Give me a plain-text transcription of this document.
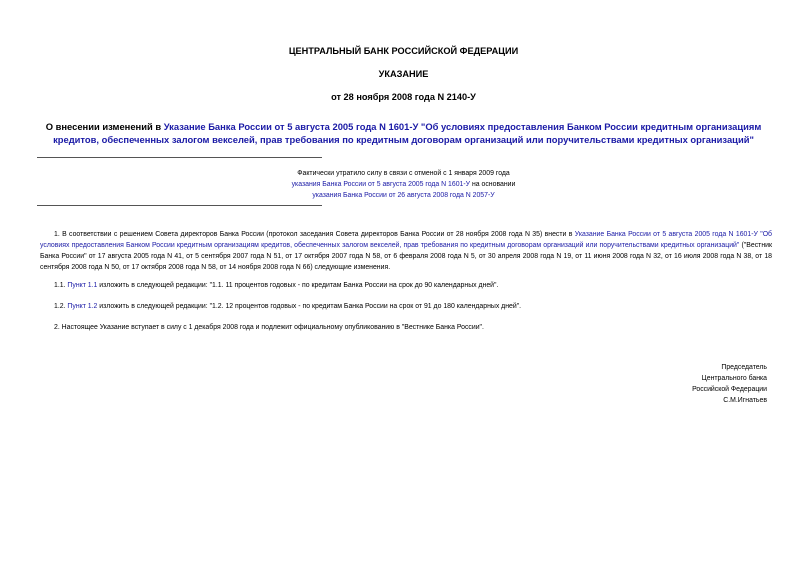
ЦЕНТРАЛЬНЫЙ БАНК РОССИЙСКОЙ ФЕДЕРАЦИИ
УКАЗАНИЕ
от 28 ноября 2008 года N 2140-У
О внесении изменений в Указание Банка России от 5 августа 2005 года N 1601-У "Об условиях предоставления Банком России кредитным организациям кредитов, обеспеченных залогом векселей, прав требования по кредитным договорам организаций или поручительствами кредитных организаций"
Фактически утратило силу в связи с отменой с 1 января 2009 года
указания Банка России от 5 августа 2005 года N 1601-У на основании
указания Банка России от 26 августа 2008 года N 2057-У
1. В соответствии с решением Совета директоров Банка России (протокол заседания Совета директоров Банка России от 28 ноября 2008 года N 35) внести в Указание Банка России от 5 августа 2005 года N 1601-У "Об условиях предоставления Банком России кредитным организациям кредитов, обеспеченных залогом векселей, прав требования по кредитным договорам организаций или поручительствами кредитных организаций" ("Вестник Банка России" от 17 августа 2005 года N 41, от 5 сентября 2007 года N 51, от 17 октября 2007 года N 58, от 6 февраля 2008 года N 5, от 30 апреля 2008 года N 19, от 11 июня 2008 года N 32, от 16 июля 2008 года N 38, от 18 сентября 2008 года N 50, от 17 октября 2008 года N 58, от 14 ноября 2008 года N 66) следующие изменения.
1.1. Пункт 1.1 изложить в следующей редакции: "1.1. 11 процентов годовых - по кредитам Банка России на срок до 90 календарных дней".
1.2. Пункт 1.2 изложить в следующей редакции: "1.2. 12 процентов годовых - по кредитам Банка России на срок от 91 до 180 календарных дней".
2. Настоящее Указание вступает в силу с 1 декабря 2008 года и подлежит официальному опубликованию в "Вестнике Банка России".
Председатель
Центрального банка
Российской Федерации
С.М.Игнатьев
